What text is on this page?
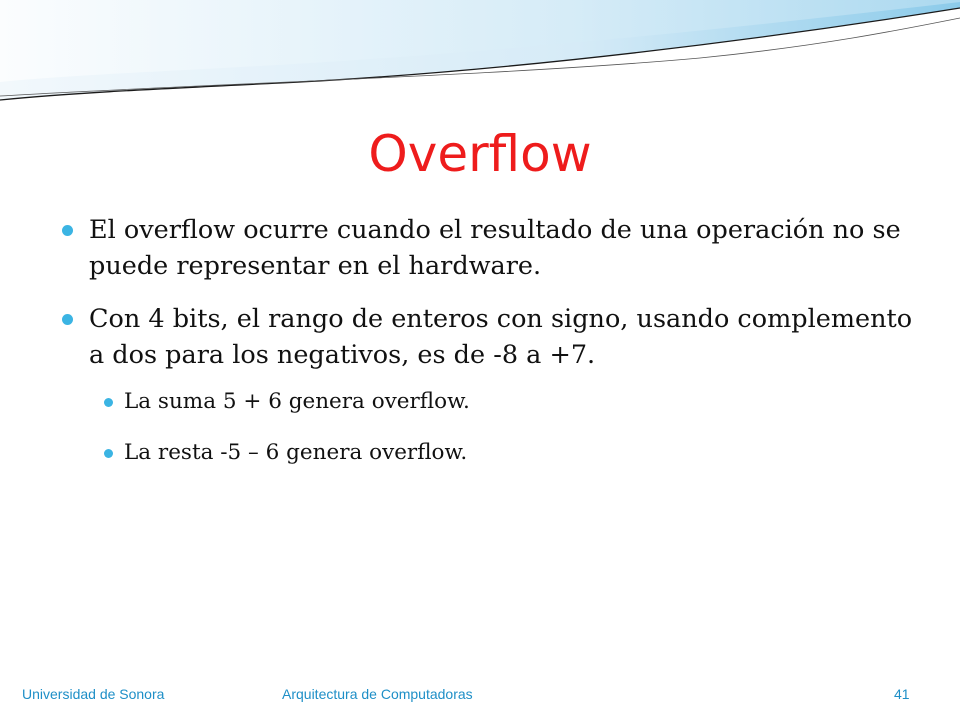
Overflow
El overflow ocurre cuando el resultado de una operación no se puede representar en el hardware.
Con 4 bits, el rango de enteros con signo, usando complemento a dos para los negativos, es de -8 a +7.
La suma 5 + 6 genera overflow.
La resta -5 – 6 genera overflow.
Universidad de Sonora	Arquitectura de Computadoras	41
